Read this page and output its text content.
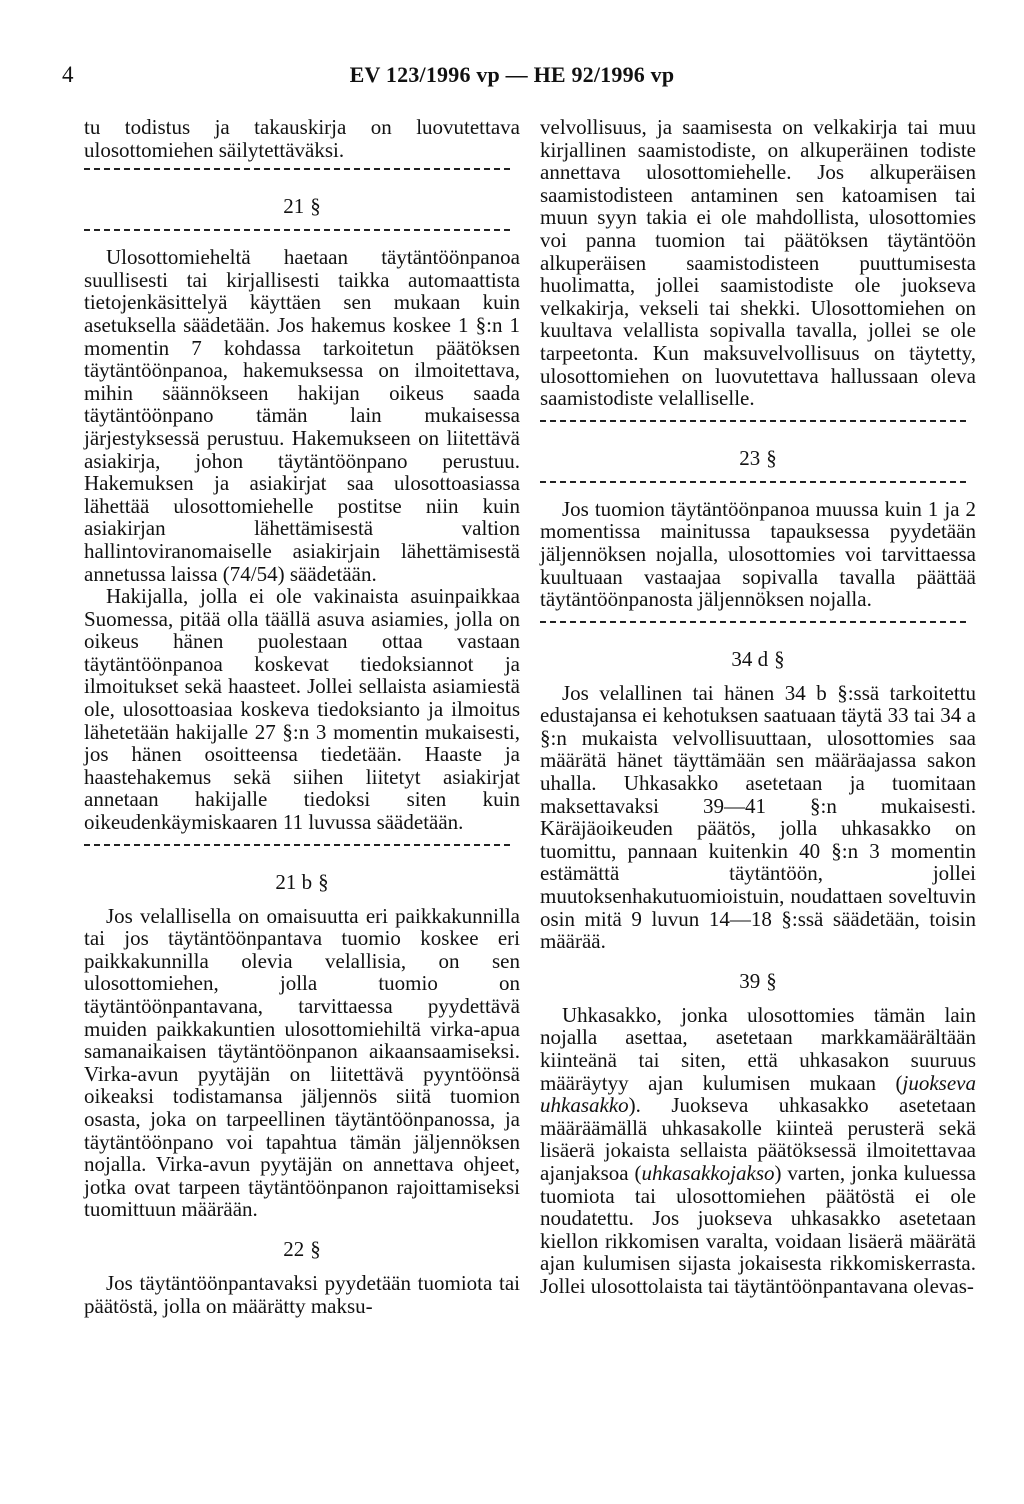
4	EV 123/1996 vp — HE 92/1996 vp

tu todistus ja takauskirja on luovutettava ulosottomiehen säilytettäväksi.

21 §

Ulosottomieheltä haetaan täytäntöönpanoa suullisesti tai kirjallisesti taikka automaattista tietojenkäsittelyä käyttäen sen mukaan kuin asetuksella säädetään. Jos hakemus koskee 1 §:n 1 momentin 7 kohdassa tarkoitetun päätöksen täytäntöönpanoa, hakemuksessa on ilmoitettava, mihin säännökseen hakijan oikeus saada täytäntöönpano tämän lain mukaisessa järjestyksessä perustuu. Hakemukseen on liitettävä asiakirja, johon täytäntöönpano perustuu. Hakemuksen ja asiakirjat saa ulosottoasiassa lähettää ulosottomiehelle postitse niin kuin asiakirjan lähettämisestä valtion hallintoviranomaiselle asiakirjain lähettämisestä annetussa laissa (74/54) säädetään.

Hakijalla, jolla ei ole vakinaista asuinpaikkaa Suomessa, pitää olla täällä asuva asiamies, jolla on oikeus hänen puolestaan ottaa vastaan täytäntöönpanoa koskevat tiedoksiannot ja ilmoitukset sekä haasteet. Jollei sellaista asiamiestä ole, ulosottoasiaa koskeva tiedoksianto ja ilmoitus lähetetään hakijalle 27 §:n 3 momentin mukaisesti, jos hänen osoitteensa tiedetään. Haaste ja haastehakemus sekä siihen liitetyt asiakirjat annetaan hakijalle tiedoksi siten kuin oikeudenkäymiskaaren 11 luvussa säädetään.

21 b §

Jos velallisella on omaisuutta eri paikkakunnilla tai jos täytäntöönpantava tuomio koskee eri paikkakunnilla olevia velallisia, on sen ulosottomiehen, jolla tuomio on täytäntöönpantavana, tarvittaessa pyydettävä muiden paikkakuntien ulosottomiehiltä virka-apua samanaikaisen täytäntöönpanon aikaansaamiseksi. Virka-avun pyytäjän on liitettävä pyyntöönsä oikeaksi todistamansa jäljennös siitä tuomion osasta, joka on tarpeellinen täytäntöönpanossa, ja täytäntöönpano voi tapahtua tämän jäljennöksen nojalla. Virka-avun pyytäjän on annettava ohjeet, jotka ovat tarpeen täytäntöönpanon rajoittamiseksi tuomittuun määrään.

22 §

Jos täytäntöönpantavaksi pyydetään tuomiota tai päätöstä, jolla on määrätty maksu-

velvollisuus, ja saamisesta on velkakirja tai muu kirjallinen saamistodiste, on alkuperäinen todiste annettava ulosottomiehelle. Jos alkuperäisen saamistodisteen antaminen sen katoamisen tai muun syyn takia ei ole mahdollista, ulosottomies voi panna tuomion tai päätöksen täytäntöön alkuperäisen saamistodisteen puuttumisesta huolimatta, jollei saamistodiste ole juokseva velkakirja, vekseli tai shekki. Ulosottomiehen on kuultava velallista sopivalla tavalla, jollei se ole tarpeetonta. Kun maksuvelvollisuus on täytetty, ulosottomiehen on luovutettava hallussaan oleva saamistodiste velalliselle.

23 §

Jos tuomion täytäntöönpanoa muussa kuin 1 ja 2 momentissa mainitussa tapauksessa pyydetään jäljennöksen nojalla, ulosottomies voi tarvittaessa kuultuaan vastaajaa sopivalla tavalla päättää täytäntöönpanosta jäljennöksen nojalla.

34 d §

Jos velallinen tai hänen 34 b §:ssä tarkoitettu edustajansa ei kehotuksen saatuaan täytä 33 tai 34 a §:n mukaista velvollisuuttaan, ulosottomies saa määrätä hänet täyttämään sen määräajassa sakon uhalla. Uhkasakko asetetaan ja tuomitaan maksettavaksi 39—41 §:n mukaisesti. Käräjäoikeuden päätös, jolla uhkasakko on tuomittu, pannaan kuitenkin 40 §:n 3 momentin estämättä täytäntöön, jollei muutoksenhakutuomioistuin, noudattaen soveltuvin osin mitä 9 luvun 14—18 §:ssä säädetään, toisin määrää.

39 §

Uhkasakko, jonka ulosottomies tämän lain nojalla asettaa, asetetaan markkamäärältään kiinteänä tai siten, että uhkasakon suuruus määräytyy ajan kulumisen mukaan (juokseva uhkasakko). Juokseva uhkasakko asetetaan määräämällä uhkasakolle kiinteä perusterä sekä lisäerä jokaista sellaista päätöksessä ilmoitettavaa ajanjaksoa (uhkasakkojakso) varten, jonka kuluessa tuomiota tai ulosottomiehen päätöstä ei ole noudatettu. Jos juokseva uhkasakko asetetaan kiellon rikkomisen varalta, voidaan lisäerä määrätä ajan kulumisen sijasta jokaisesta rikkomiskerrasta. Jollei ulosottolaista tai täytäntöönpantavana olevas-
